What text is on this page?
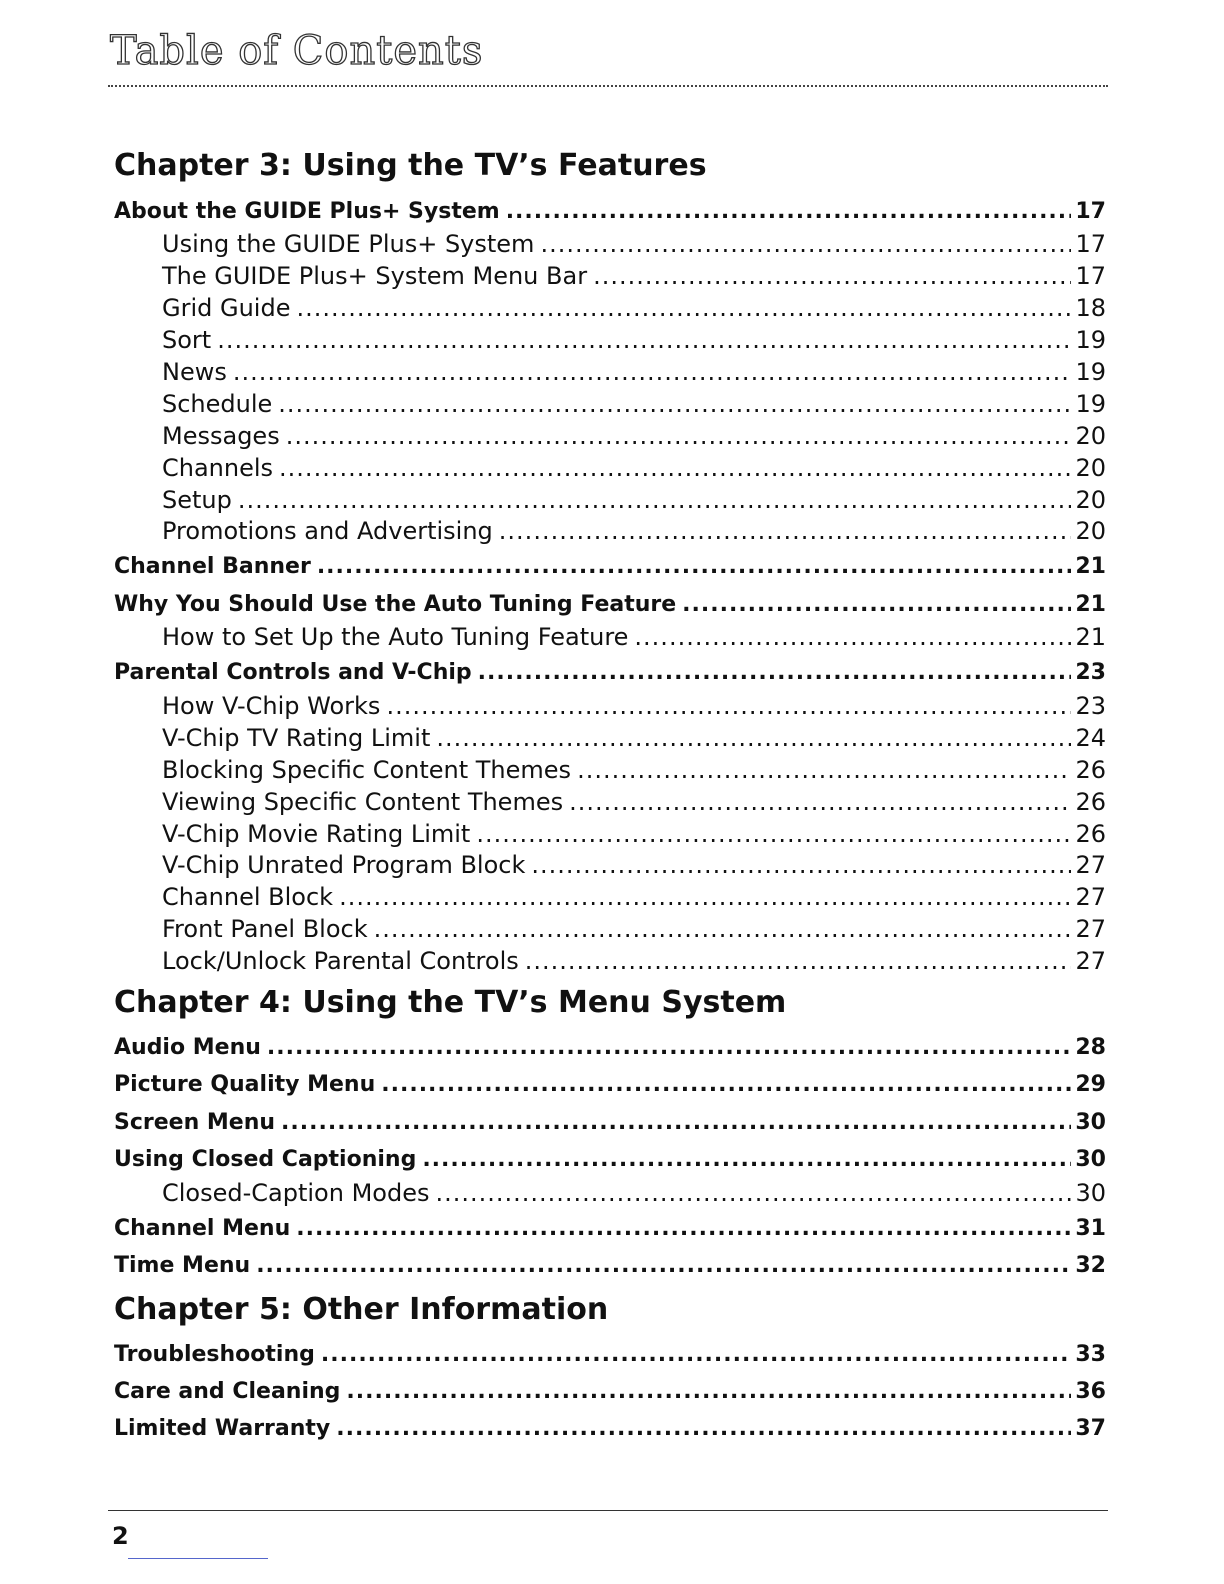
Table of Contents
Chapter 3: Using the TV’s Features
About the GUIDE Plus+ System .....	17
Using the GUIDE Plus+ System .....	17
The GUIDE Plus+ System Menu Bar .....	17
Grid Guide .....	18
Sort .....	19
News .....	19
Schedule .....	19
Messages .....	20
Channels .....	20
Setup .....	20
Promotions and Advertising .....	20
Channel Banner .....	21
Why You Should Use the Auto Tuning Feature .....	21
How to Set Up the Auto Tuning Feature .....	21
Parental Controls and V-Chip .....	23
How V-Chip Works .....	23
V-Chip TV Rating Limit .....	24
Blocking Specific Content Themes .....	26
Viewing Specific Content Themes .....	26
V-Chip Movie Rating Limit .....	26
V-Chip Unrated Program Block .....	27
Channel Block .....	27
Front Panel Block .....	27
Lock/Unlock Parental Controls .....	27
Chapter 4: Using the TV’s Menu System
Audio Menu .....	28
Picture Quality Menu .....	29
Screen Menu .....	30
Using Closed Captioning .....	30
Closed-Caption Modes .....	30
Channel Menu .....	31
Time Menu .....	32
Chapter 5: Other Information
Troubleshooting .....	33
Care and Cleaning .....	36
Limited Warranty .....	37
2
